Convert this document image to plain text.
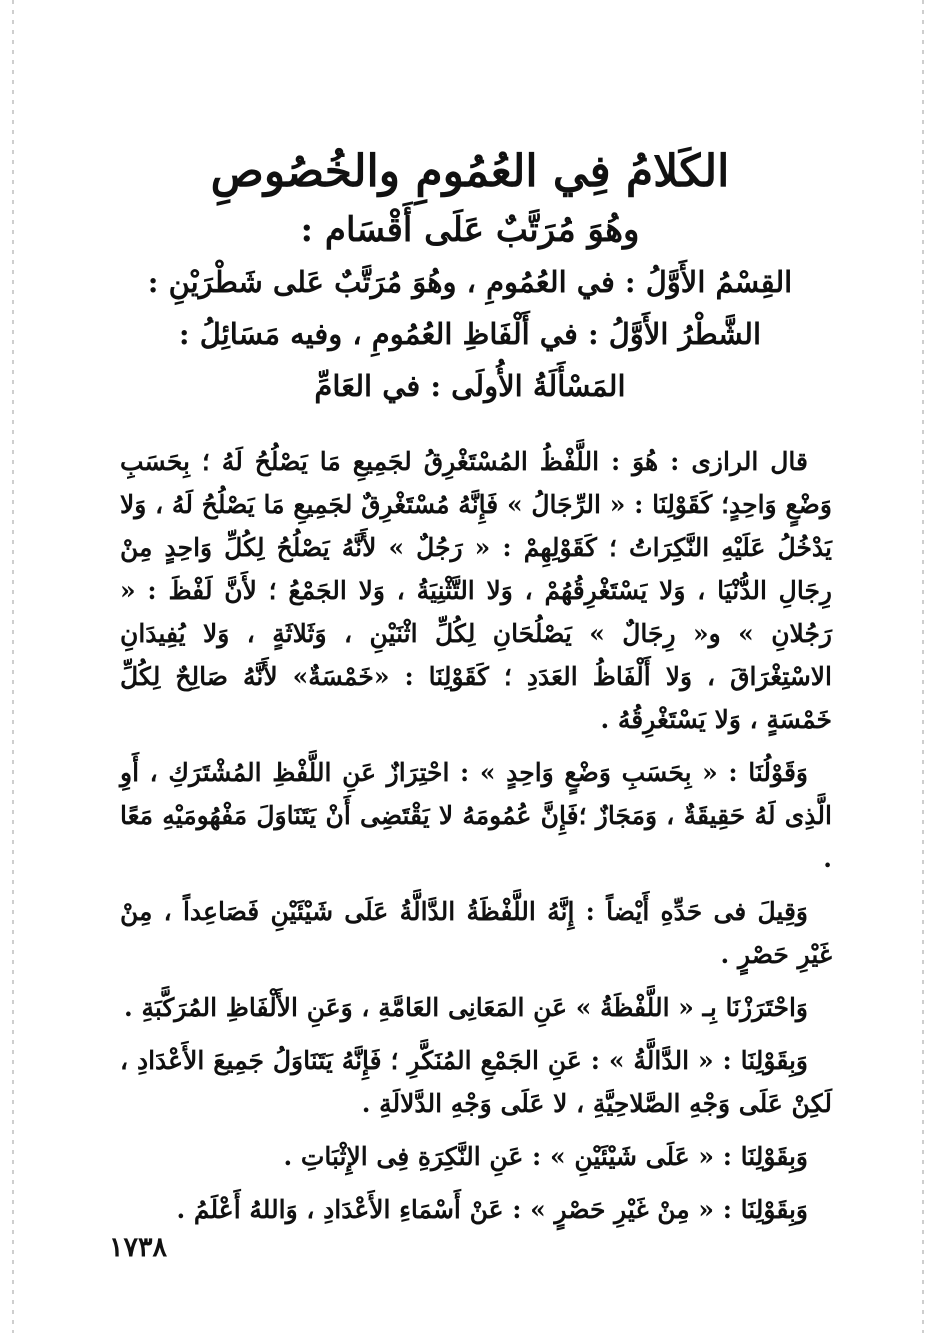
الكَلامُ فِي العُمُومِ والخُصُوصِ
وهُوَ مُرَتَّبٌ عَلَى أَقْسَام :
القِسْمُ الأَوَّلُ : في العُمُومِ ، وهُوَ مُرَتَّبٌ عَلى شَطْرَيْنِ :
الشَّطْرُ الأَوَّلُ : في أَلْفَاظِ العُمُومِ ، وفيه مَسَائِلُ :
المَسْأَلَةُ الأُولَى : في العَامِّ

قال الرازى : هُوَ : اللَّفْظُ المُسْتَغْرِقُ لجَمِيعِ مَا يَصْلُحُ لَهُ ؛ بِحَسَبِ وَضْعٍ وَاحِدٍ؛ كَقَوْلِنَا : « الرِّجَالُ » فَإِنَّهُ مُسْتَغْرِقٌ لجَمِيعِ مَا يَصْلُحُ لَهُ ، وَلا يَدْخُلُ عَلَيْهِ النَّكِرَاتُ ؛ كَقَوْلِهِمْ : « رَجُلٌ » لأَنَّهُ يَصْلُحُ لِكُلِّ وَاحِدٍ مِنْ رِجَالِ الدُّنْيَا ، وَلا يَسْتَغْرِقُهُمْ ، وَلا التَّثْنِيَةُ ، وَلا الجَمْعُ ؛ لأَنَّ لَفْظَ : « رَجُلانِ » و« رِجَالٌ » يَصْلُحَانِ لِكُلِّ اثْنَيْنِ ، وَثَلاثَةٍ ، وَلا يُفِيدَانِ الاسْتِغْرَاقَ ، وَلا أَلْفَاظُ العَدَدِ ؛ كَقَوْلِنَا : «خَمْسَةٌ» لأَنَّهُ صَالِحٌ لِكُلِّ خَمْسَةٍ ، وَلا يَسْتَغْرِقُهُ .

وَقَوْلُنَا : « بِحَسَبِ وَضْعٍ وَاحِدٍ » : احْتِرَازٌ عَنِ اللَّفْظِ المُشْتَرَكِ ، أَوِ الَّذِى لَهُ حَقِيقَةٌ ، وَمَجَازٌ ؛فَإِنَّ عُمُومَهُ لا يَقْتَضِى أَنْ يَتَنَاوَلَ مَفْهُومَيْهِ مَعًا .

وَقِيلَ فى حَدِّهِ أَيْضاً : إِنَّهُ اللَّفْظَةُ الدَّالَّةُ عَلَى شَيْئَيْنِ فَصَاعِداً ، مِنْ غَيْرِ حَصْرٍ .

وَاحْتَرَزْنَا بِـ « اللَّفْظَةُ » عَنِ المَعَانِى العَامَّةِ ، وَعَنِ الأَلْفَاظِ المُرَكَّبَةِ .

وَبِقَوْلِنَا : « الدَّالَّةُ » : عَنِ الجَمْعِ المُنَكَّرِ ؛ فَإِنَّهُ يَتَنَاوَلُ جَمِيعَ الأَعْدَادِ ، لَكِنْ عَلَى وَجْهِ الصَّلاحِيَّةِ ، لا عَلَى وَجْهِ الدَّلالَةِ .

وَبِقَوْلِنَا : « عَلَى شَيْئَيْنِ » : عَنِ النَّكِرَةِ فِى الإِثْبَاتِ .

وَبِقَوْلِنَا : « مِنْ غَيْرِ حَصْرٍ » : عَنْ أَسْمَاءِ الأَعْدَادِ ، وَاللهُ أَعْلَمُ .

١٧٣٨
